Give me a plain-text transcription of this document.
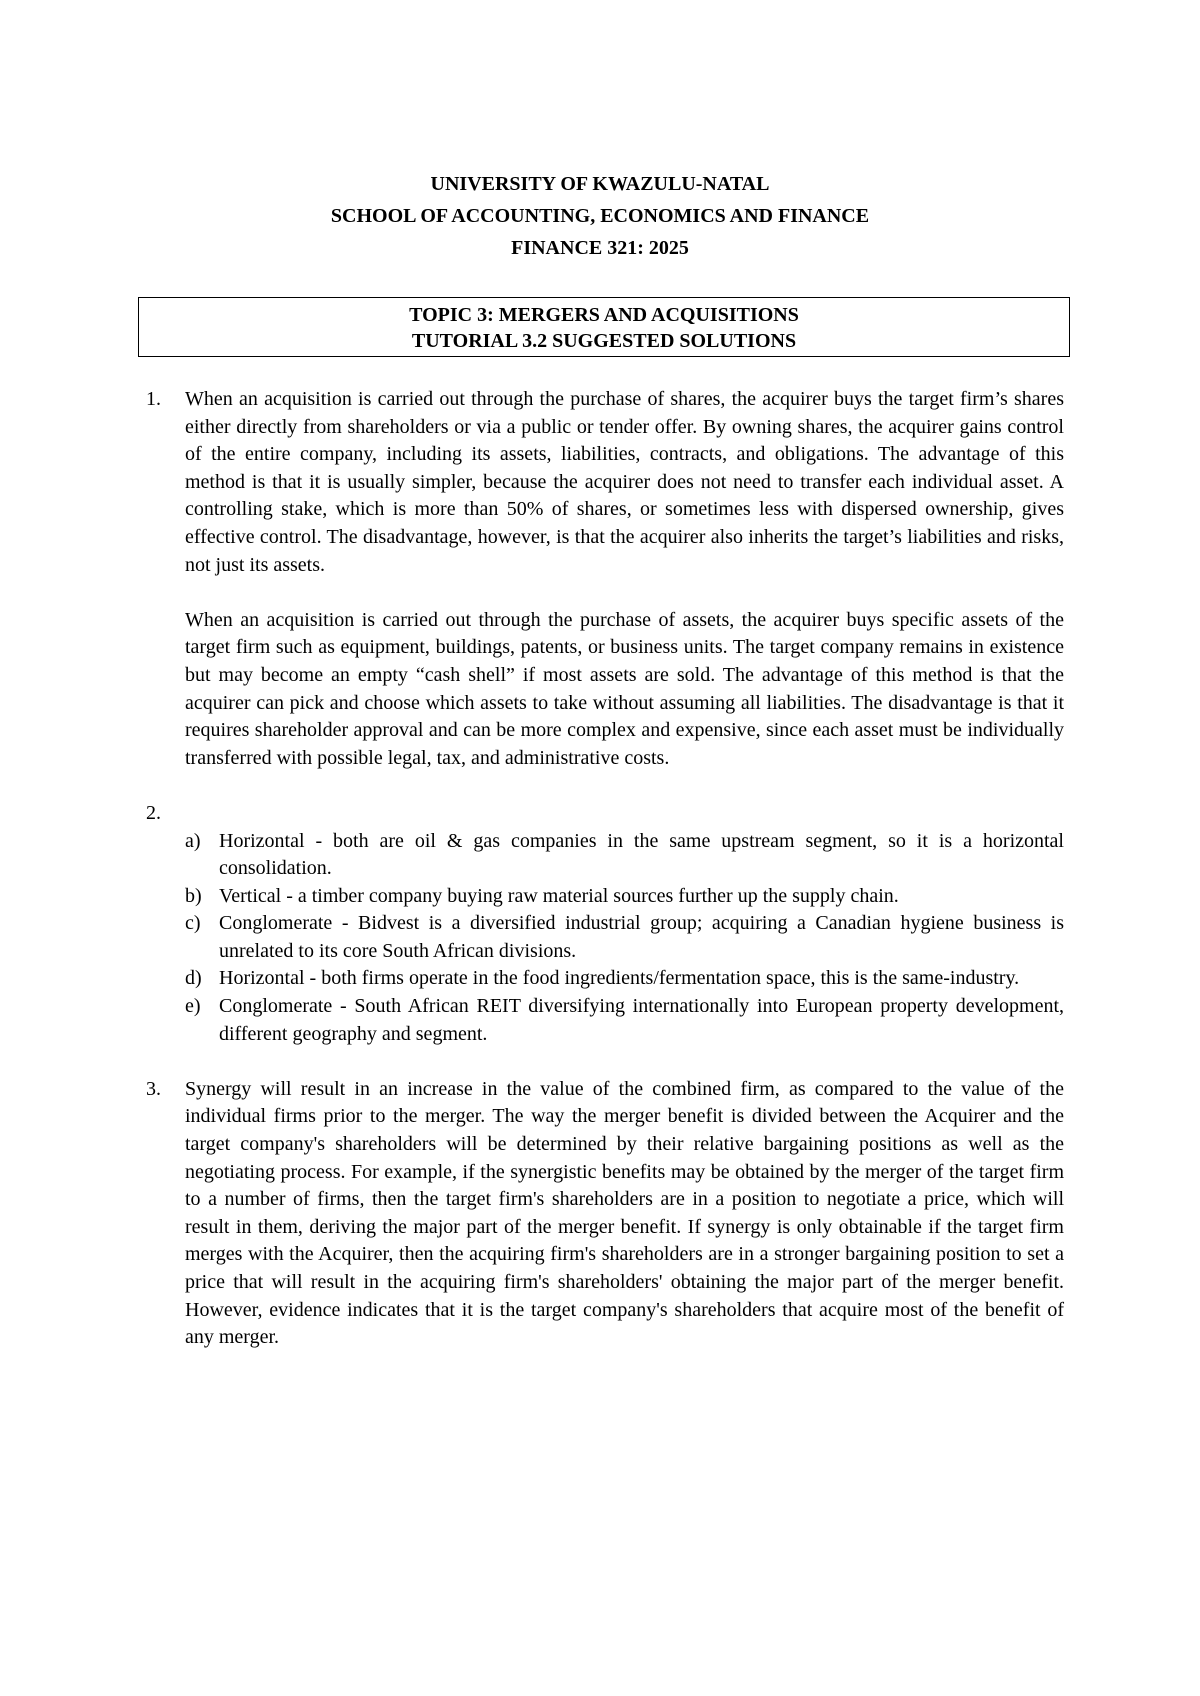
UNIVERSITY OF KWAZULU-NATAL
SCHOOL OF ACCOUNTING, ECONOMICS AND FINANCE
FINANCE 321: 2025
TOPIC 3: MERGERS AND ACQUISITIONS
TUTORIAL 3.2 SUGGESTED SOLUTIONS
1. When an acquisition is carried out through the purchase of shares, the acquirer buys the target firm’s shares either directly from shareholders or via a public or tender offer. By owning shares, the acquirer gains control of the entire company, including its assets, liabilities, contracts, and obligations. The advantage of this method is that it is usually simpler, because the acquirer does not need to transfer each individual asset. A controlling stake, which is more than 50% of shares, or sometimes less with dispersed ownership, gives effective control. The disadvantage, however, is that the acquirer also inherits the target’s liabilities and risks, not just its assets.
When an acquisition is carried out through the purchase of assets, the acquirer buys specific assets of the target firm such as equipment, buildings, patents, or business units. The target company remains in existence but may become an empty “cash shell” if most assets are sold. The advantage of this method is that the acquirer can pick and choose which assets to take without assuming all liabilities. The disadvantage is that it requires shareholder approval and can be more complex and expensive, since each asset must be individually transferred with possible legal, tax, and administrative costs.
2.
a) Horizontal - both are oil & gas companies in the same upstream segment, so it is a horizontal consolidation.
b) Vertical - a timber company buying raw material sources further up the supply chain.
c) Conglomerate - Bidvest is a diversified industrial group; acquiring a Canadian hygiene business is unrelated to its core South African divisions.
d) Horizontal - both firms operate in the food ingredients/fermentation space, this is the same-industry.
e) Conglomerate - South African REIT diversifying internationally into European property development, different geography and segment.
3. Synergy will result in an increase in the value of the combined firm, as compared to the value of the individual firms prior to the merger. The way the merger benefit is divided between the Acquirer and the target company's shareholders will be determined by their relative bargaining positions as well as the negotiating process. For example, if the synergistic benefits may be obtained by the merger of the target firm to a number of firms, then the target firm's shareholders are in a position to negotiate a price, which will result in them, deriving the major part of the merger benefit. If synergy is only obtainable if the target firm merges with the Acquirer, then the acquiring firm's shareholders are in a stronger bargaining position to set a price that will result in the acquiring firm's shareholders' obtaining the major part of the merger benefit. However, evidence indicates that it is the target company's shareholders that acquire most of the benefit of any merger.
